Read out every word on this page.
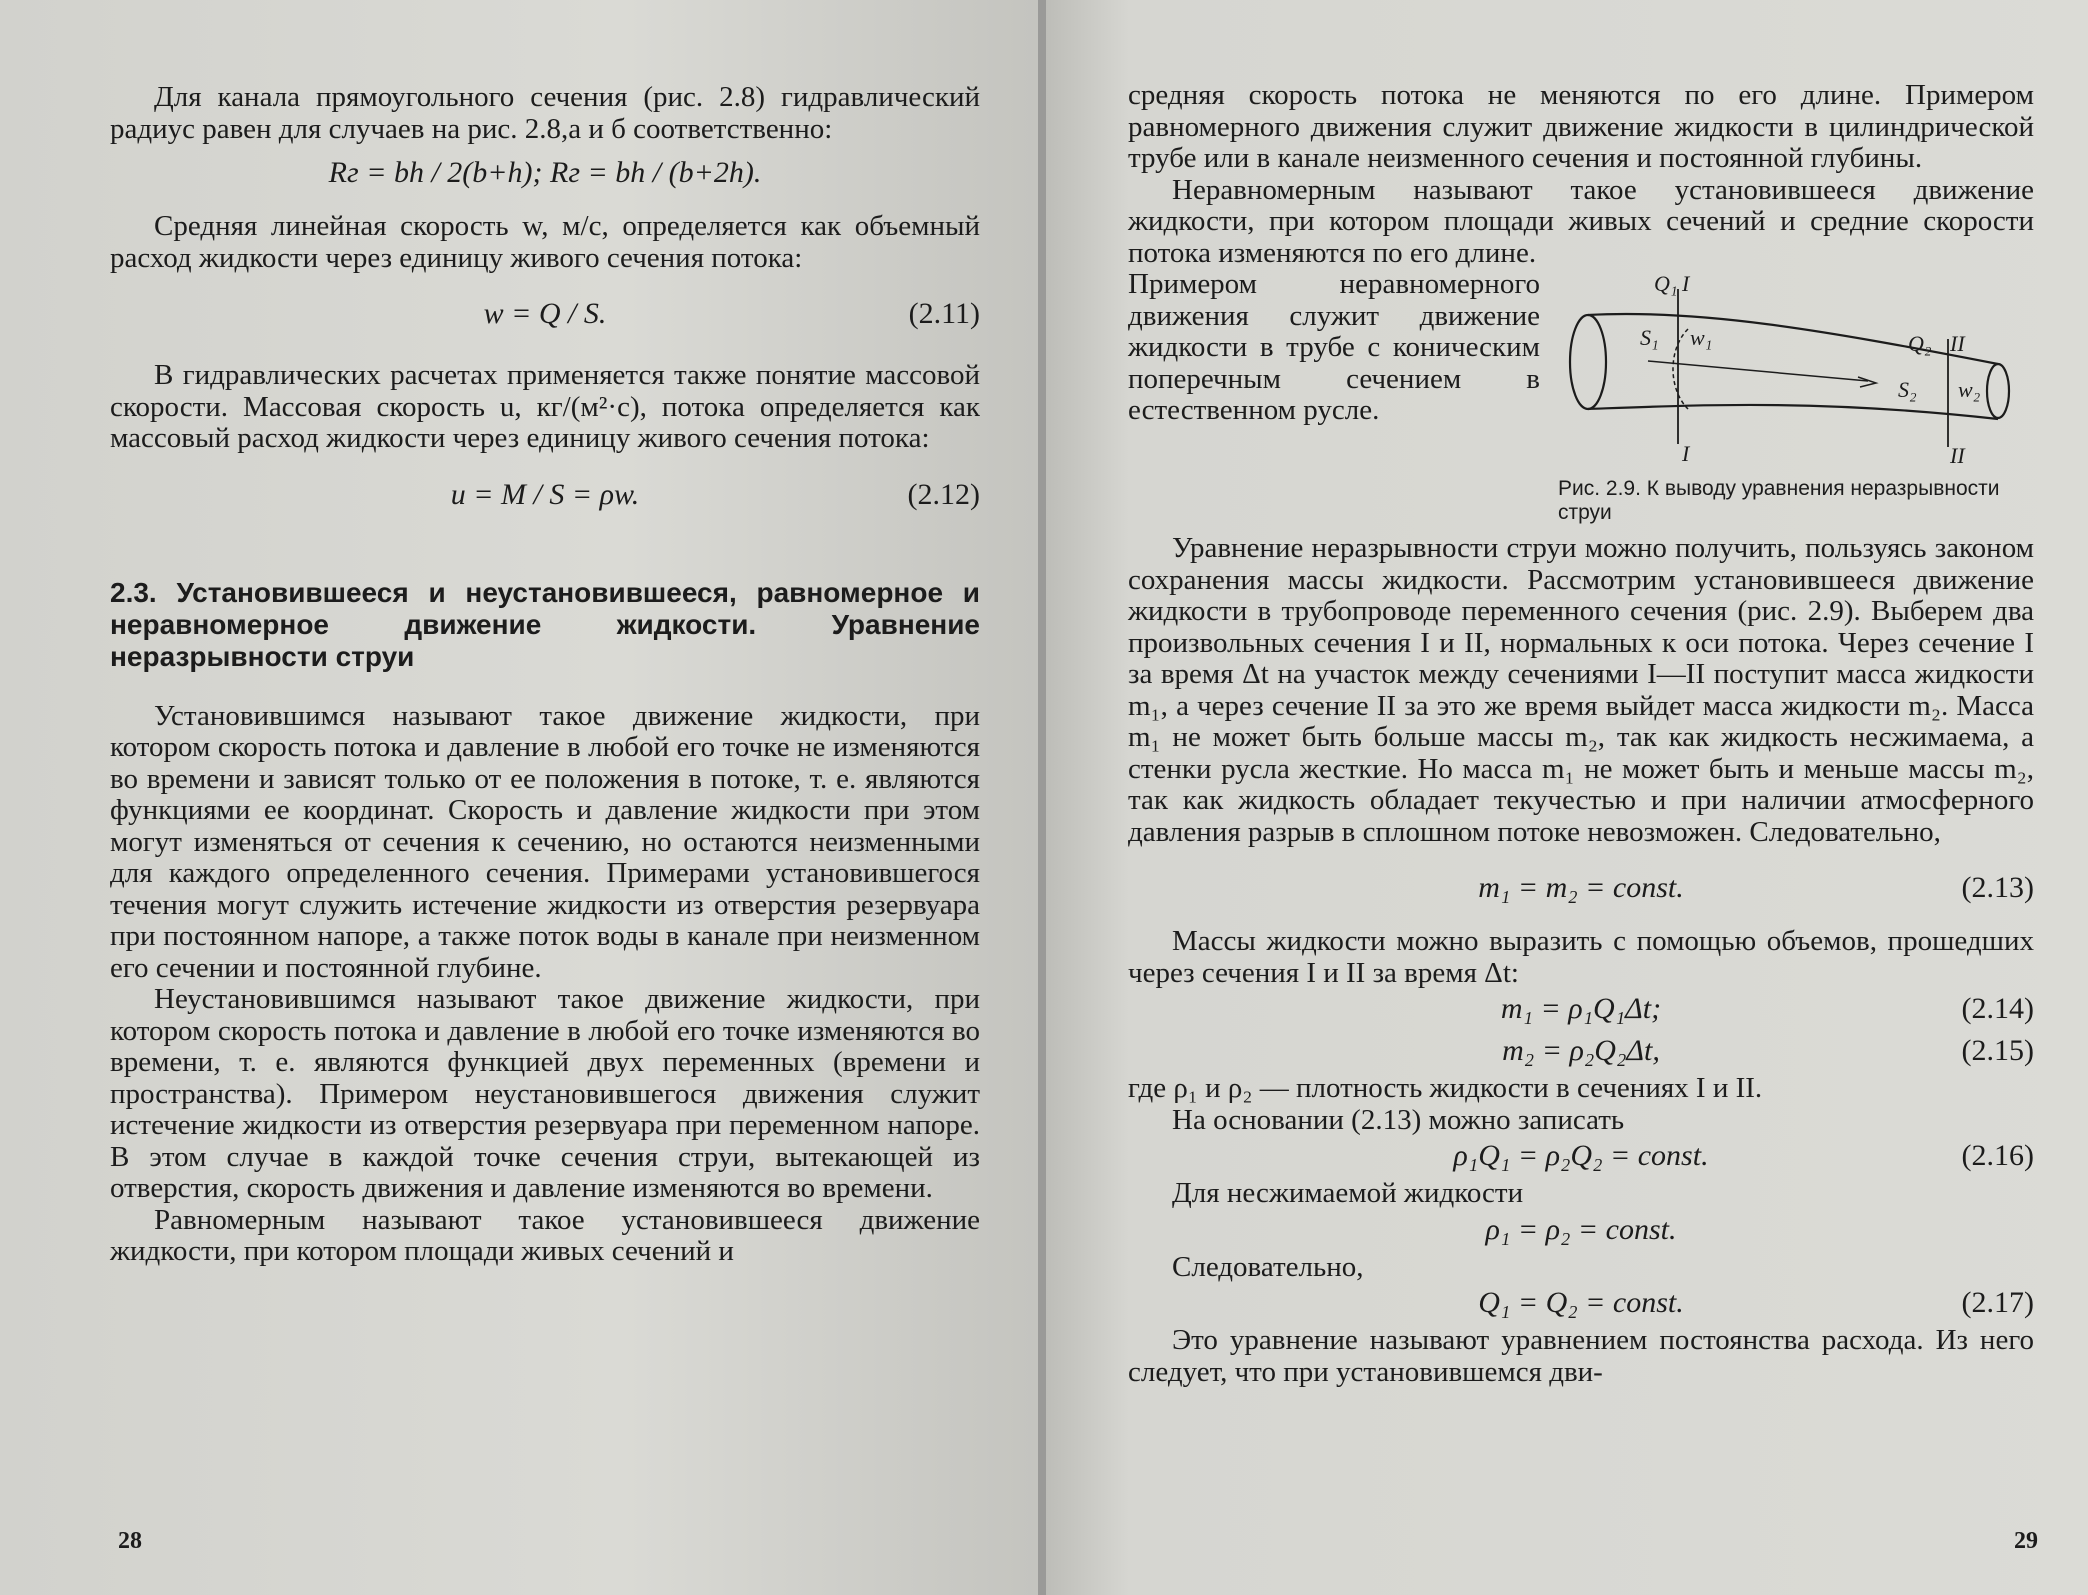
Для канала прямоугольного сечения (рис. 2.8) гидравлический радиус равен для случаев на рис. 2.8,а и б соответственно:

Rг = bh / 2(b+h); Rг = bh / (b+2h).

Средняя линейная скорость w, м/с, определяется как объемный расход жидкости через единицу живого сечения потока:

w = Q / S.	(2.11)

В гидравлических расчетах применяется также понятие массовой скорости. Массовая скорость u, кг/(м²·с), потока определяется как массовый расход жидкости через единицу живого сечения потока:

u = M / S = ρw.	(2.12)
2.3. Установившееся и неустановившееся, равномерное и неравномерное движение жидкости. Уравнение неразрывности струи

Установившимся называют такое движение жидкости, при котором скорость потока и давление в любой его точке не изменяются во времени и зависят только от ее положения в потоке, т. е. являются функциями ее координат. Скорость и давление жидкости при этом могут изменяться от сечения к сечению, но остаются неизменными для каждого определенного сечения. Примерами установившегося течения могут служить истечение жидкости из отверстия резервуара при постоянном напоре, а также поток воды в канале при неизменном его сечении и постоянной глубине.

Неустановившимся называют такое движение жидкости, при котором скорость потока и давление в любой его точке изменяются во времени, т. е. являются функцией двух переменных (времени и пространства). Примером неустановившегося движения служит истечение жидкости из отверстия резервуара при переменном напоре. В этом случае в каждой точке сечения струи, вытекающей из отверстия, скорость движения и давление изменяются во времени.

Равномерным называют такое установившееся движение жидкости, при котором площади живых сечений и

28

средняя скорость потока не меняются по его длине. Примером равномерного движения служит движение жидкости в цилиндрической трубе или в канале неизменного сечения и постоянной глубины.

Неравномерным называют такое установившееся движение жидкости, при котором площади живых сечений и средние скорости потока изменяются по его длине.

Примером неравномерного движения служит движение жидкости в трубе с коническим поперечным сечением в естественном русле.

Q₁ I
S₁ w₁	Q₂ II
S₂ w₂
I	II
Рис. 2.9. К выводу уравнения неразрывности струи

Уравнение неразрывности струи можно получить, пользуясь законом сохранения массы жидкости. Рассмотрим установившееся движение жидкости в трубопроводе переменного сечения (рис. 2.9). Выберем два произвольных сечения I и II, нормальных к оси потока. Через сечение I за время Δt на участок между сечениями I—II поступит масса жидкости m₁, а через сечение II за это же время выйдет масса жидкости m₂. Масса m₁ не может быть больше массы m₂, так как жидкость несжимаема, а стенки русла жесткие. Но масса m₁ не может быть и меньше массы m₂, так как жидкость обладает текучестью и при наличии атмосферного давления разрыв в сплошном потоке невозможен. Следовательно,

m₁ = m₂ = const.	(2.13)

Массы жидкости можно выразить с помощью объемов, прошедших через сечения I и II за время Δt:

m₁ = ρ₁Q₁Δt;	(2.14)
m₂ = ρ₂Q₂Δt,	(2.15)

где ρ₁ и ρ₂ — плотность жидкости в сечениях I и II.

На основании (2.13) можно записать

ρ₁Q₁ = ρ₂Q₂ = const.	(2.16)

Для несжимаемой жидкости

ρ₁ = ρ₂ = const.

Следовательно,

Q₁ = Q₂ = const.	(2.17)

Это уравнение называют уравнением постоянства расхода. Из него следует, что при установившемся дви-

29
